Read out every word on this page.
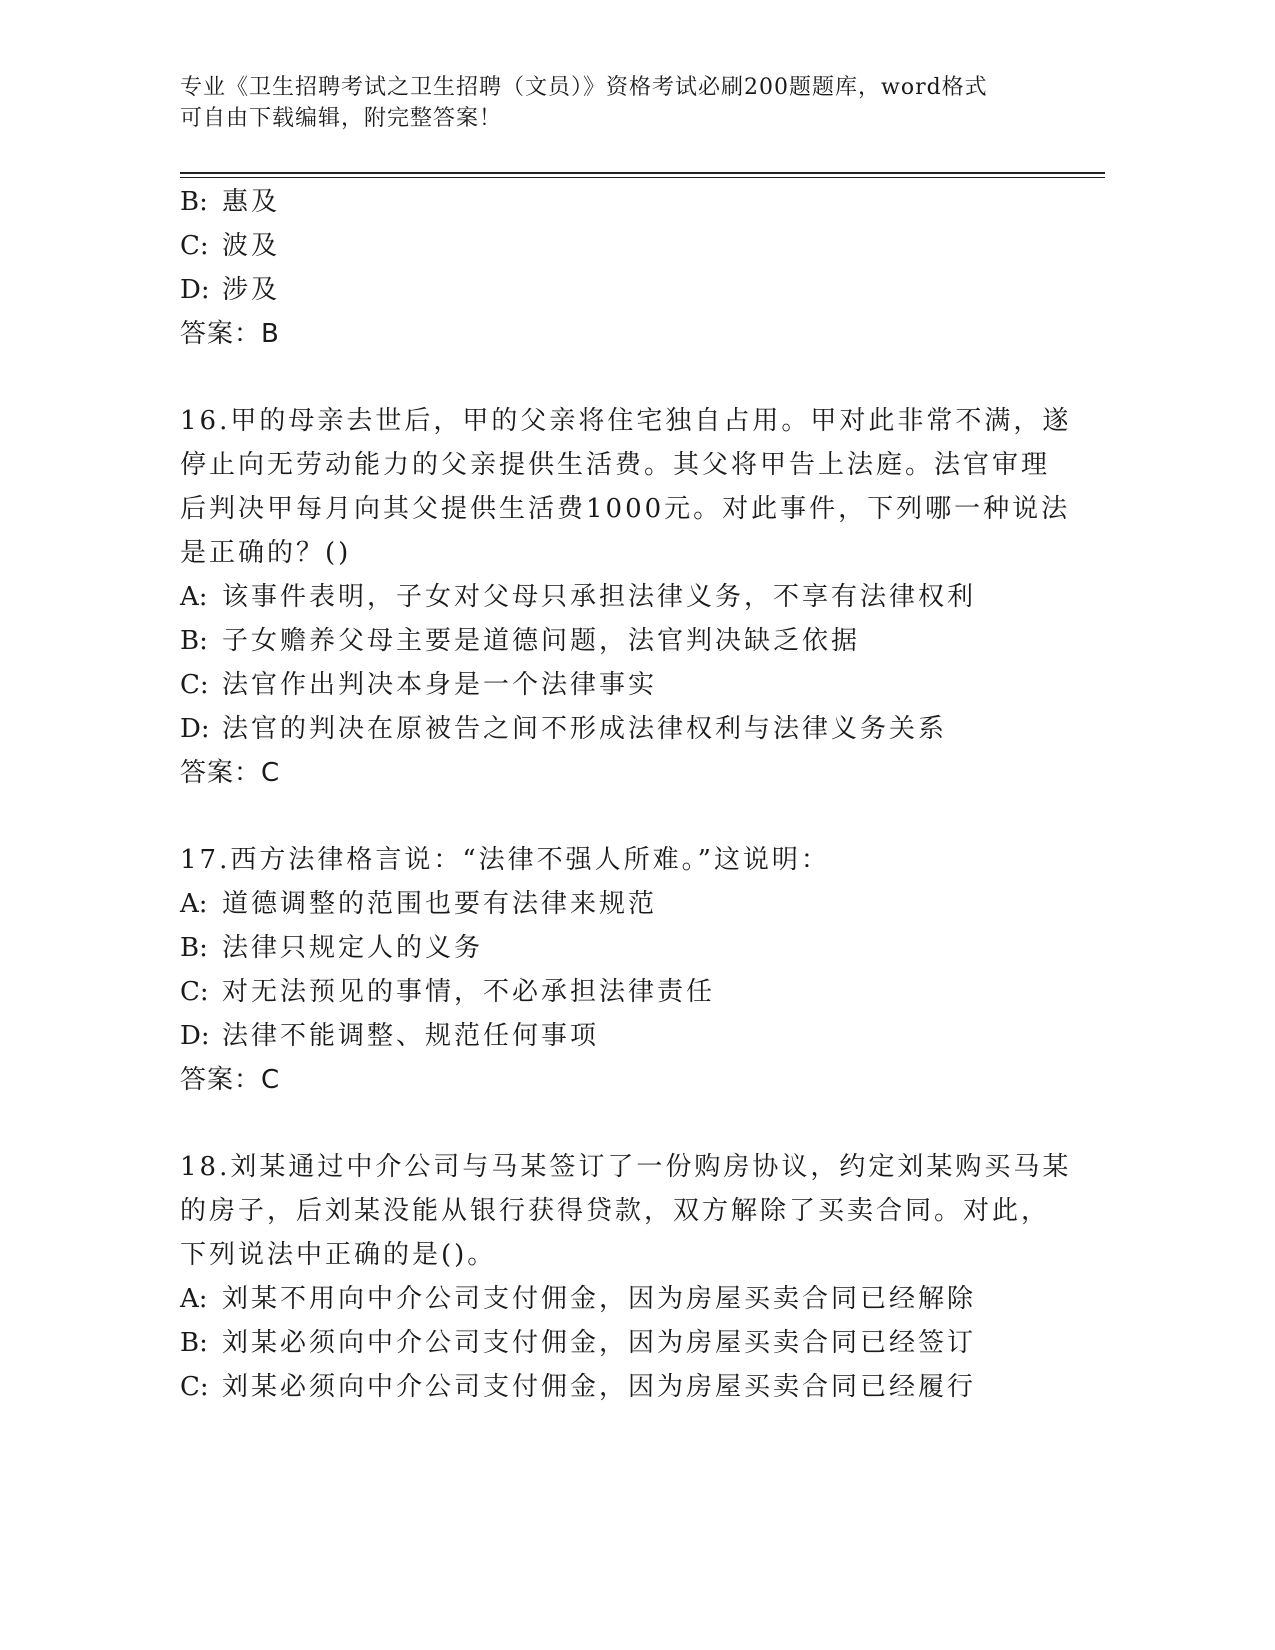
专业《卫生招聘考试之卫生招聘（文员）》资格考试必刷200题题库，word格式
可自由下载编辑，附完整答案！
B: 惠及
C: 波及
D: 涉及
答案：B
16.甲的母亲去世后，甲的父亲将住宅独自占用。甲对此非常不满，遂
停止向无劳动能力的父亲提供生活费。其父将甲告上法庭。法官审理
后判决甲每月向其父提供生活费1000元。对此事件，下列哪一种说法
是正确的？()
A: 该事件表明，子女对父母只承担法律义务，不享有法律权利
B: 子女赡养父母主要是道德问题，法官判决缺乏依据
C: 法官作出判决本身是一个法律事实
D: 法官的判决在原被告之间不形成法律权利与法律义务关系
答案：C
17.西方法律格言说：“法律不强人所难。”这说明：
A: 道德调整的范围也要有法律来规范
B: 法律只规定人的义务
C: 对无法预见的事情，不必承担法律责任
D: 法律不能调整、规范任何事项
答案：C
18.刘某通过中介公司与马某签订了一份购房协议，约定刘某购买马某
的房子，后刘某没能从银行获得贷款，双方解除了买卖合同。对此，
下列说法中正确的是()。
A: 刘某不用向中介公司支付佣金，因为房屋买卖合同已经解除
B: 刘某必须向中介公司支付佣金，因为房屋买卖合同已经签订
C: 刘某必须向中介公司支付佣金，因为房屋买卖合同已经履行
